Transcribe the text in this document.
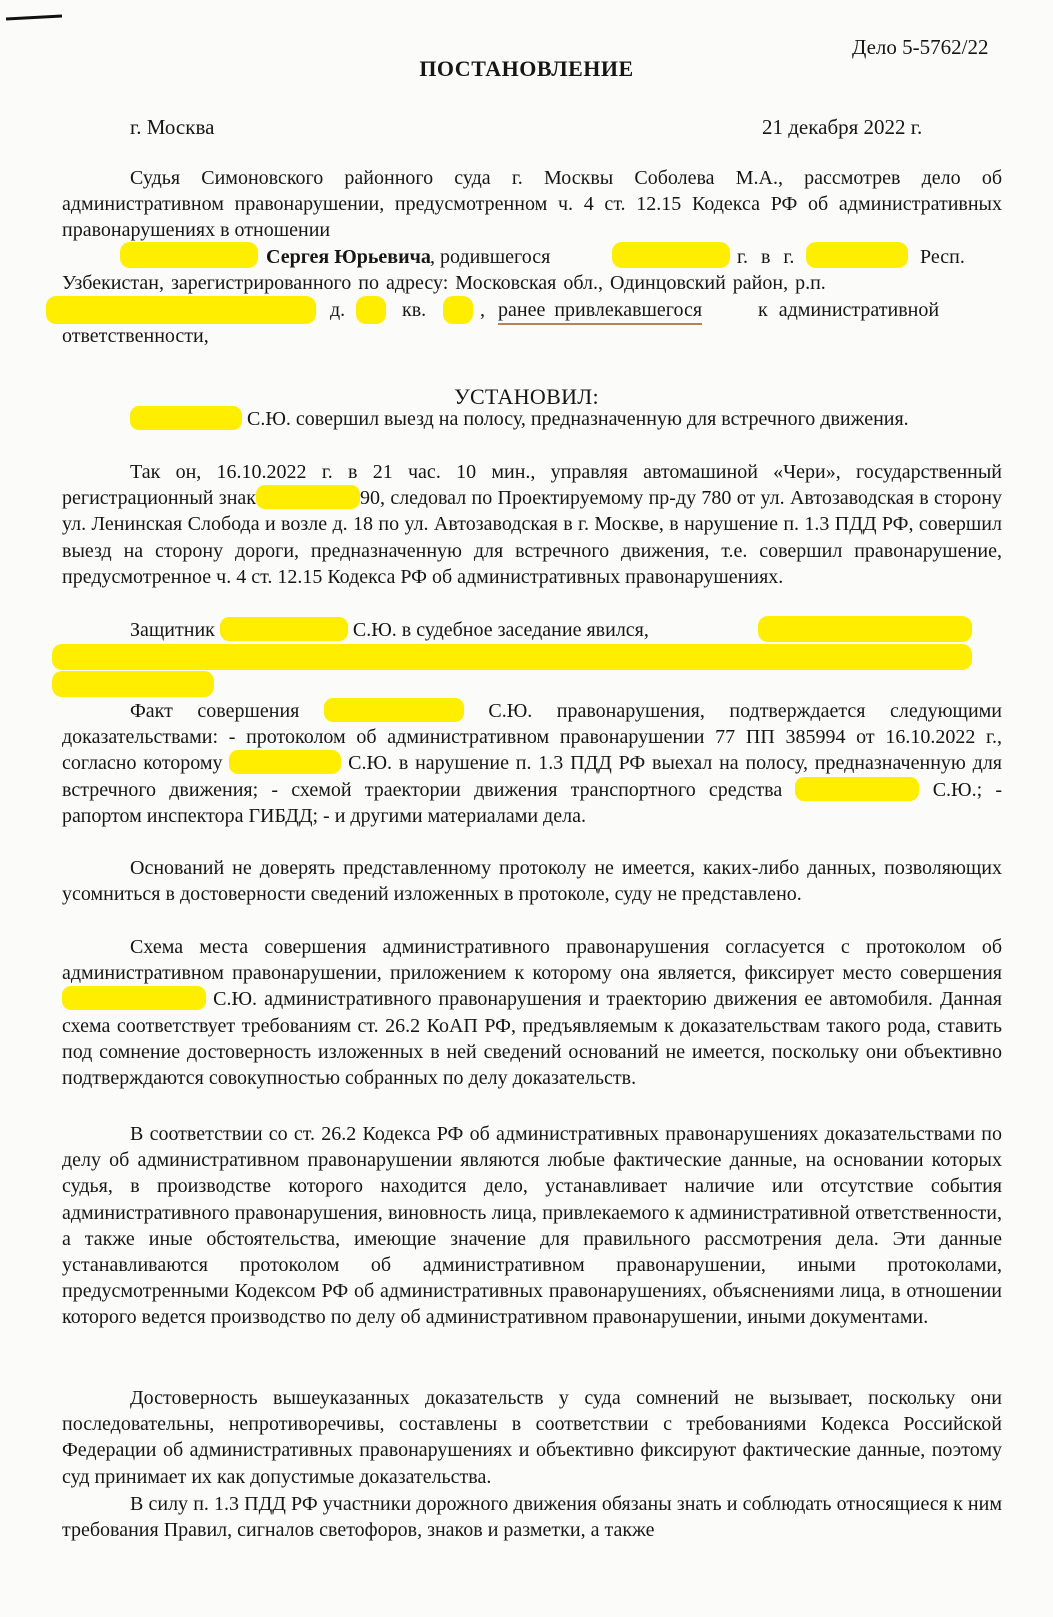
Дело 5-5762/22
ПОСТАНОВЛЕНИЕ
г. Москва	21 декабря 2022 г.
Судья Симоновского районного суда г. Москвы Соболева М.А., рассмотрев дело об административном правонарушении, предусмотренном ч. 4 ст. 12.15 Кодекса РФ об административных правонарушениях в отношении
Сергея Юрьевича , родившегося	г. в г.	Респ.
Узбекистан, зарегистрированного по адресу: Московская обл., Одинцовский район, р.п.
д.	кв.	, ранее привлекавшегося	к административной
ответственности,
УСТАНОВИЛ:
С.Ю. совершил выезд на полосу, предназначенную для встречного движения.
Так он, 16.10.2022 г. в 21 час. 10 мин., управляя автомашиной «Чери», государственный регистрационный знак	90, следовал по Проектируемому пр-ду 780 от ул. Автозаводская в сторону ул. Ленинская Слобода и возле д. 18 по ул. Автозаводская в г. Москве, в нарушение п. 1.3 ПДД РФ, совершил выезд на сторону дороги, предназначенную для встречного движения, т.е. совершил правонарушение, предусмотренное ч. 4 ст. 12.15 Кодекса РФ об административных правонарушениях.
Защитник	С.Ю. в судебное заседание явился,
Факт совершения	С.Ю. правонарушения, подтверждается следующими доказательствами: - протоколом об административном правонарушении 77 ПП 385994 от 16.10.2022 г., согласно которому	С.Ю. в нарушение п. 1.3 ПДД РФ выехал на полосу, предназначенную для встречного движения; - схемой траектории движения транспортного средства	С.Ю.; - рапортом инспектора ГИБДД; - и другими материалами дела.
Оснований не доверять представленному протоколу не имеется, каких-либо данных, позволяющих усомниться в достоверности сведений изложенных в протоколе, суду не представлено.
Схема места совершения административного правонарушения согласуется с протоколом об административном правонарушении, приложением к которому она является, фиксирует место совершения  С.Ю. административного правонарушения и траекторию движения ее автомобиля. Данная схема соответствует требованиям ст. 26.2 КоАП РФ, предъявляемым к доказательствам такого рода, ставить под сомнение достоверность изложенных в ней сведений оснований не имеется, поскольку они объективно подтверждаются совокупностью собранных по делу доказательств.
В соответствии со ст. 26.2 Кодекса РФ об административных правонарушениях доказательствами по делу об административном правонарушении являются любые фактические данные, на основании которых судья, в производстве которого находится дело, устанавливает наличие или отсутствие события административного правонарушения, виновность лица, привлекаемого к административной ответственности, а также иные обстоятельства, имеющие значение для правильного рассмотрения дела. Эти данные устанавливаются протоколом об административном правонарушении, иными протоколами, предусмотренными Кодексом РФ об административных правонарушениях, объяснениями лица, в отношении которого ведется производство по делу об административном правонарушении, иными документами.
Достоверность вышеуказанных доказательств у суда сомнений не вызывает, поскольку они последовательны, непротиворечивы, составлены в соответствии с требованиями Кодекса Российской Федерации об административных правонарушениях и объективно фиксируют фактические данные, поэтому суд принимает их как допустимые доказательства.
В силу п. 1.3 ПДД РФ участники дорожного движения обязаны знать и соблюдать относящиеся к ним требования Правил, сигналов светофоров, знаков и разметки, а также
